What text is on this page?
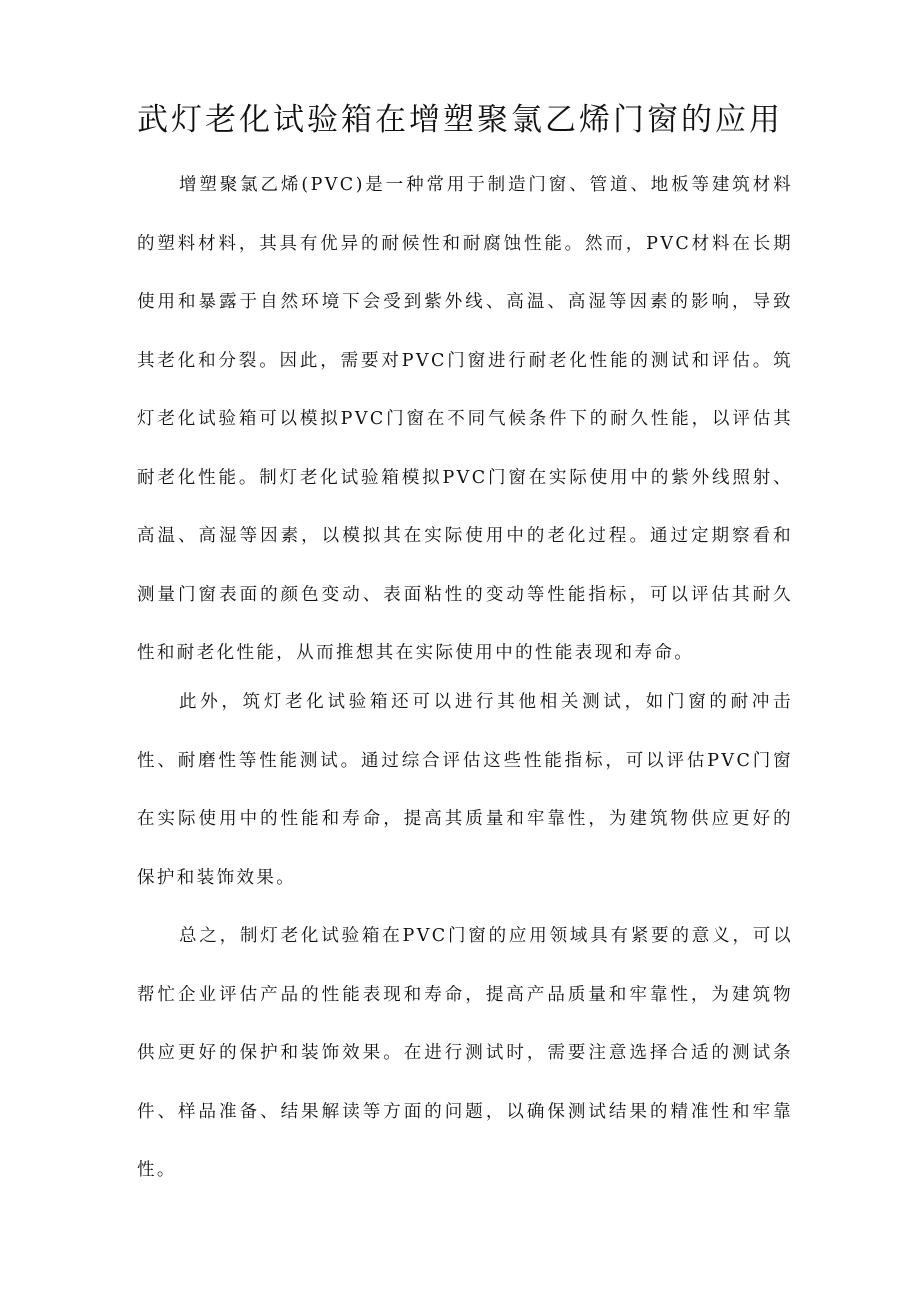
武灯老化试验箱在增塑聚氯乙烯门窗的应用

增塑聚氯乙烯(PVC)是一种常用于制造门窗、管道、地板等建筑材料的塑料材料，其具有优异的耐候性和耐腐蚀性能。然而，PVC材料在长期使用和暴露于自然环境下会受到紫外线、高温、高湿等因素的影响，导致其老化和分裂。因此，需要对PVC门窗进行耐老化性能的测试和评估。筑灯老化试验箱可以模拟PVC门窗在不同气候条件下的耐久性能，以评估其耐老化性能。制灯老化试验箱模拟PVC门窗在实际使用中的紫外线照射、高温、高湿等因素，以模拟其在实际使用中的老化过程。通过定期察看和测量门窗表面的颜色变动、表面粘性的变动等性能指标，可以评估其耐久性和耐老化性能，从而推想其在实际使用中的性能表现和寿命。

此外，筑灯老化试验箱还可以进行其他相关测试，如门窗的耐冲击性、耐磨性等性能测试。通过综合评估这些性能指标，可以评估PVC门窗在实际使用中的性能和寿命，提高其质量和牢靠性，为建筑物供应更好的保护和装饰效果。

总之，制灯老化试验箱在PVC门窗的应用领域具有紧要的意义，可以帮忙企业评估产品的性能表现和寿命，提高产品质量和牢靠性，为建筑物供应更好的保护和装饰效果。在进行测试时，需要注意选择合适的测试条件、样品准备、结果解读等方面的问题，以确保测试结果的精准性和牢靠性。
